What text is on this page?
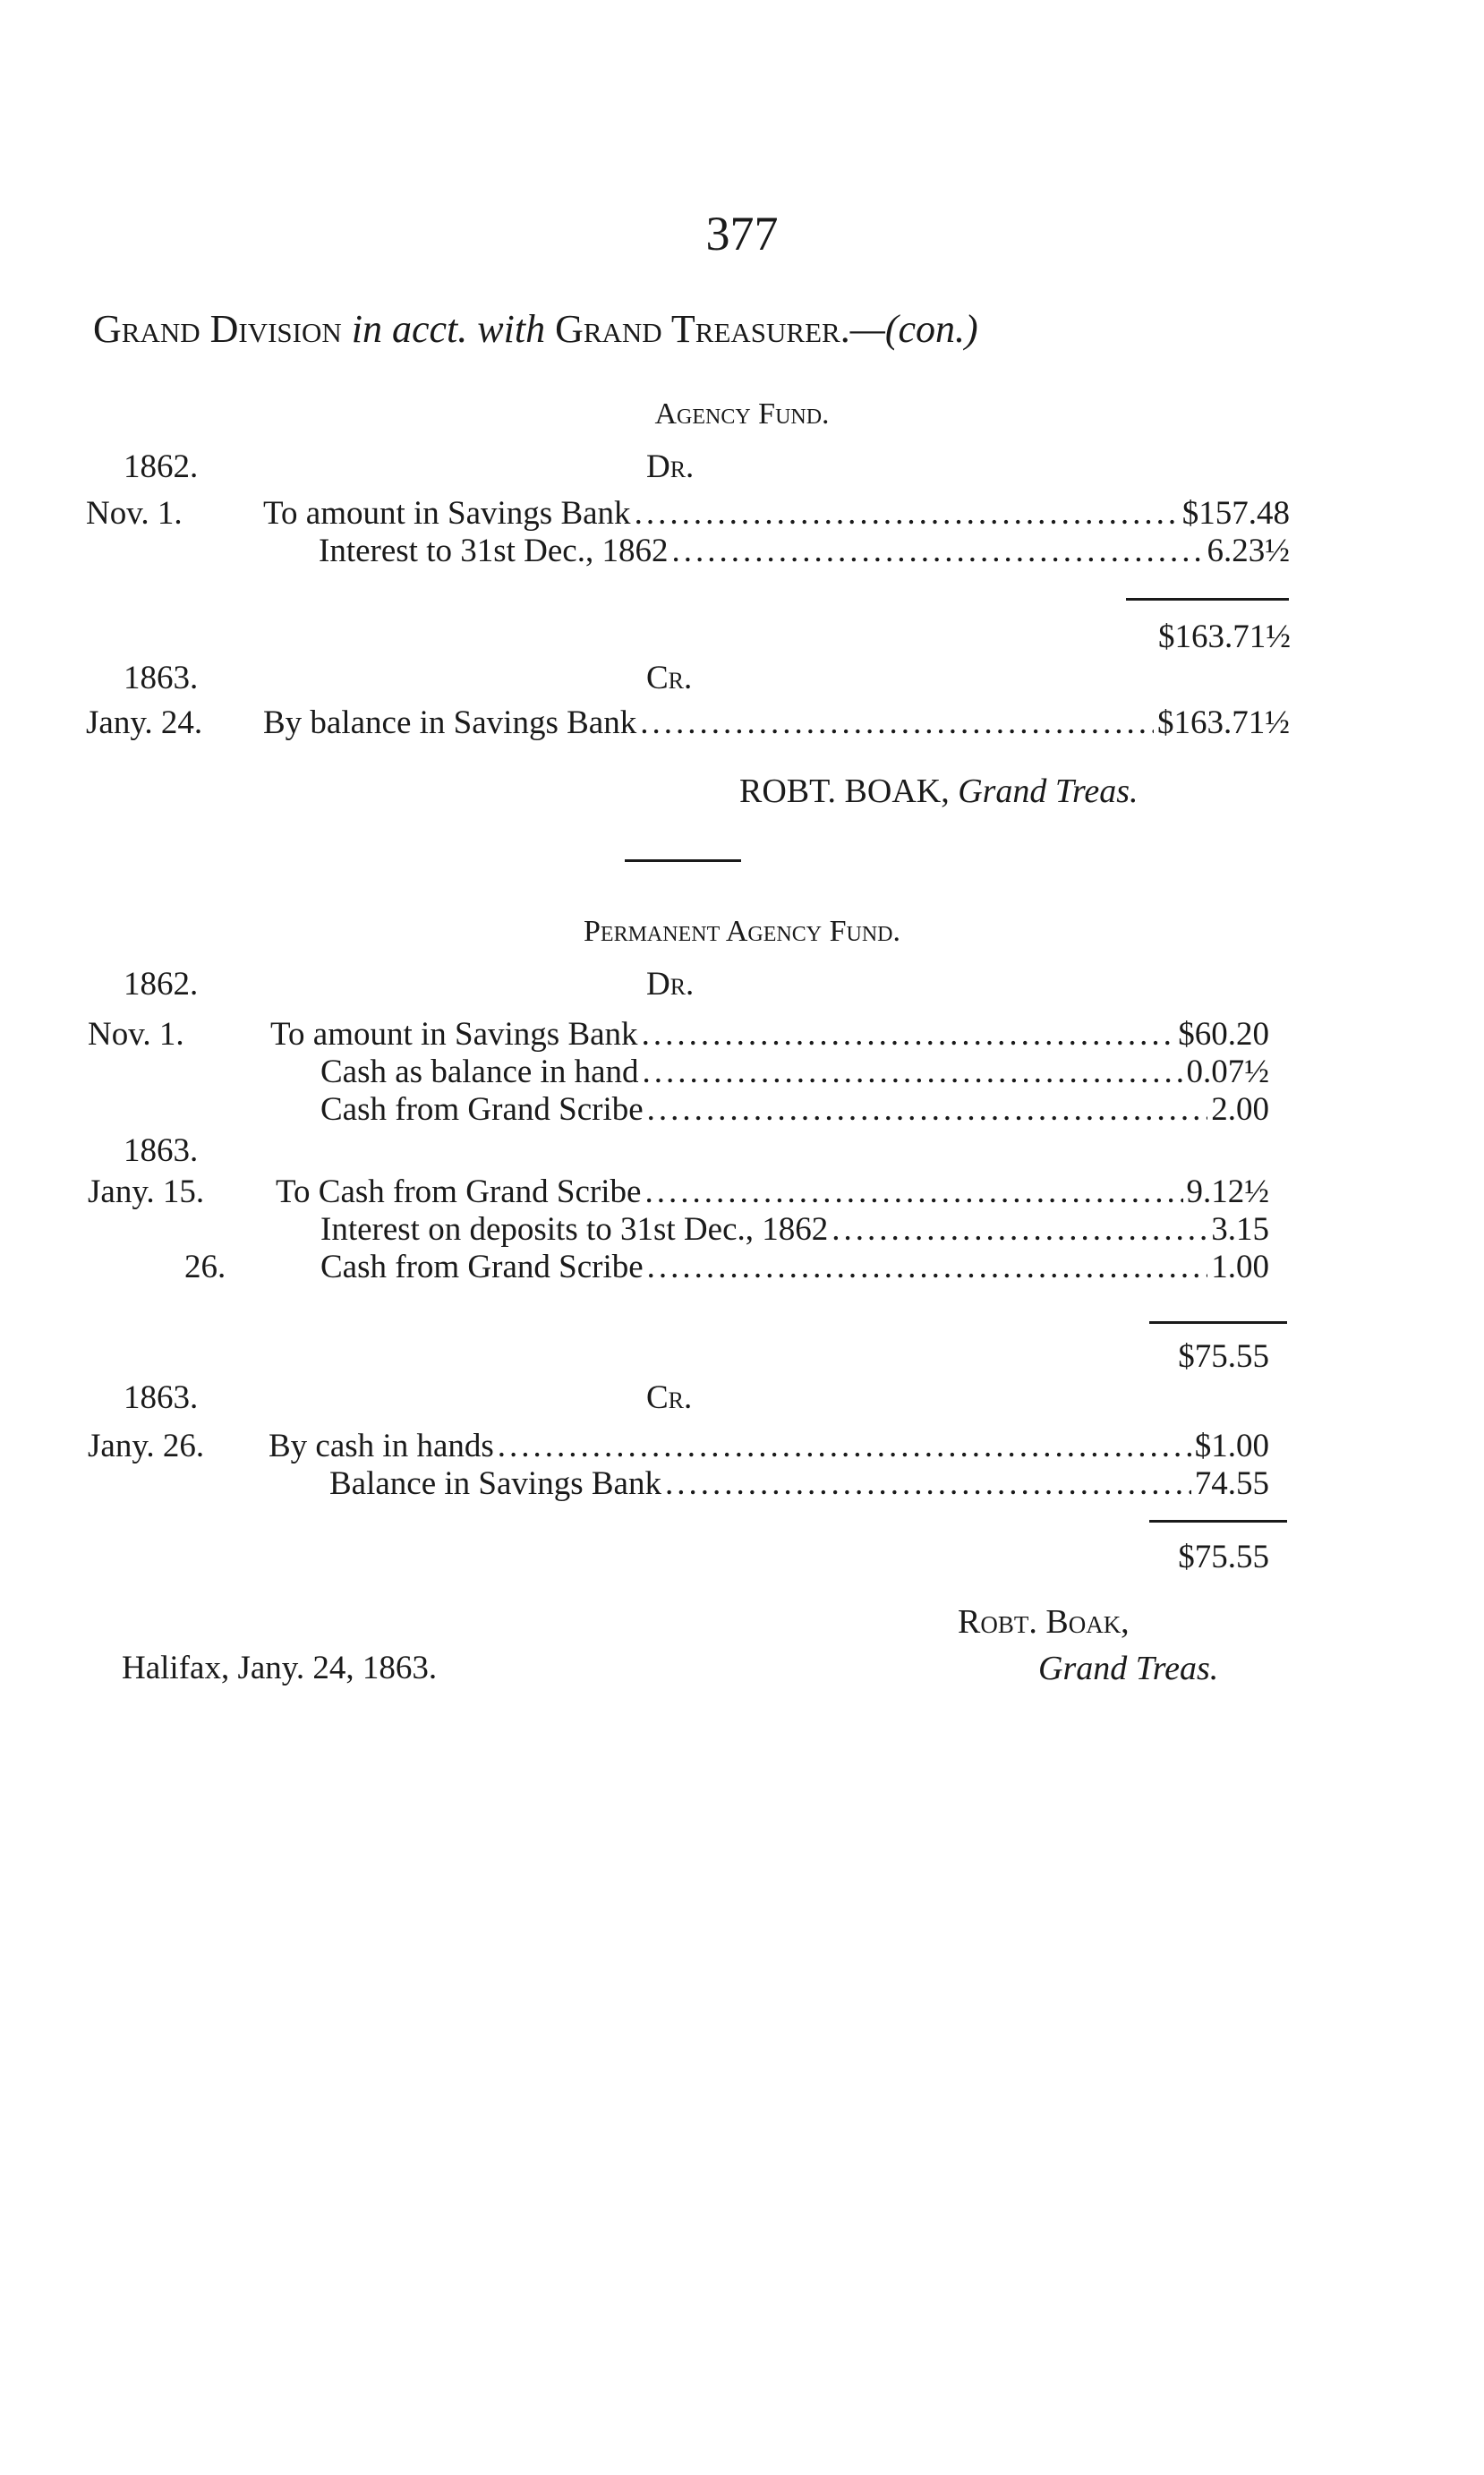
377
Grand Division in acct. with Grand Treasurer.—(con.)
Agency Fund.
1862.	Dr.
Nov. 1.	To amount in Savings Bank .....	$157.48
Interest to 31st Dec., 1862 .....	6.23½
$163.71½
1863.	Cr.
Jany. 24.	By balance in Savings Bank .....	$163.71½
ROBT. BOAK, Grand Treas.
Permanent Agency Fund.
1862.	Dr.
Nov. 1.	To amount in Savings Bank .....	$60.20
Cash as balance in hand .....	0.07½
Cash from Grand Scribe .....	2.00
1863.
Jany. 15.	To Cash from Grand Scribe .....	9.12½
Interest on deposits to 31st Dec., 1862 .....	3.15
26.	Cash from Grand Scribe .....	1.00
$75.55
1863.	Cr.
Jany. 26.	By cash in hands .....	$1.00
Balance in Savings Bank .....	74.55
$75.55
Robt. Boak,
Halifax, Jany. 24, 1863.	Grand Treas.
